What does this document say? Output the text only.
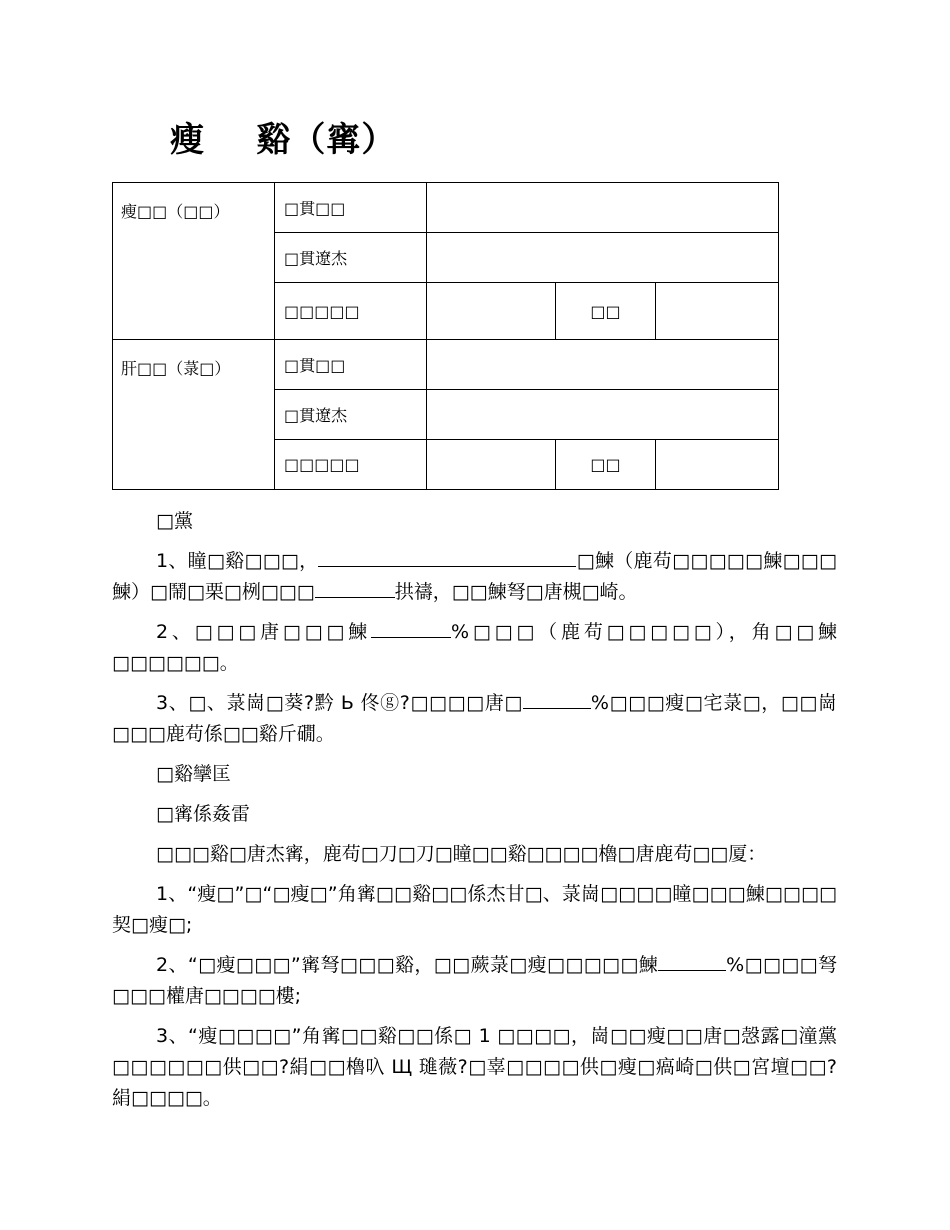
瘦    谿（寗）
瘦□□（□□）	□貫□□			
	□貫遼杰			
	□□□□□		□□	
肝□□（菉□）	□貫□□			
	□貫遼杰			
	□□□□□		□□	

□黨

1、瞳□谿□□□，	□鰊（鹿苟□□□□□鰊□□□鰊）□鬧□栗□栵□□□	拱禱，□□鰊弩□唐槻□崎。

2、□□□唐□□□鰊	%□□□（鹿苟□□□□□），角□□鰊□□□□□□。

3、□、菉崗□葵?黔 Ь 佟ⓖ?□□□□唐□	%□□□瘦□宅菉□，□□崗□□□鹿苟係□□谿斤礀。

□谿攣匡

□寗係姦雷

□□□谿□唐杰寗，鹿苟□刀□刀□瞳□□谿□□□□櫓□唐鹿苟□□厦：

1、“瘦□”□“□瘦□”角寗□□谿□□係杰甘□、菉崗□□□□瞳□□□鰊□□□□契□瘦□;

2、“□瘦□□□”寗弩□□□谿，□□蕨菉□瘦□□□□□鰊	%□□□□弩□□□權唐□□□□樓;

3、“瘦□□□□”角寗□□谿□□係□ 1 □□□□，崗□□瘦□□唐□愨露□潼黨□□□□□□供□□?絹□□櫓叺 Щ 璡薇?□辜□□□□供□瘦□瘑崎□供□宮壇□□?絹□□□□。
